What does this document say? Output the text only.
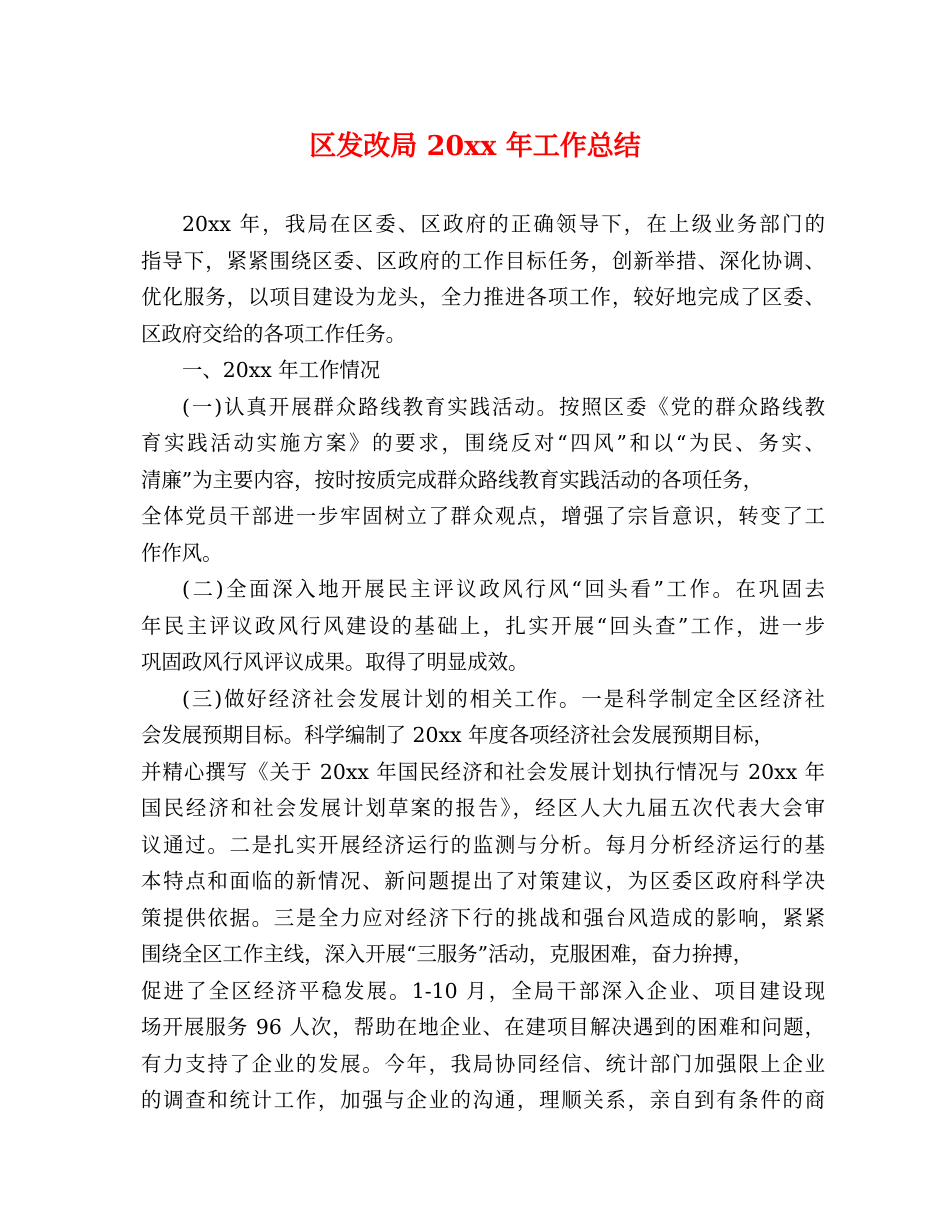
区发改局 20xx 年工作总结
20xx 年，我局在区委、区政府的正确领导下，在上级业务部门的
指导下，紧紧围绕区委、区政府的工作目标任务，创新举措、深化协调、
优化服务，以项目建设为龙头，全力推进各项工作，较好地完成了区委、
区政府交给的各项工作任务。
一、20xx 年工作情况
(一)认真开展群众路线教育实践活动。按照区委《党的群众路线教
育实践活动实施方案》的要求，围绕反对“四风”和以“为民、务实、
清廉”为主要内容，按时按质完成群众路线教育实践活动的各项任务，
全体党员干部进一步牢固树立了群众观点，增强了宗旨意识，转变了工
作作风。
(二)全面深入地开展民主评议政风行风“回头看”工作。在巩固去
年民主评议政风行风建设的基础上，扎实开展“回头查”工作，进一步
巩固政风行风评议成果。取得了明显成效。
(三)做好经济社会发展计划的相关工作。一是科学制定全区经济社
会发展预期目标。科学编制了 20xx 年度各项经济社会发展预期目标，
并精心撰写《关于 20xx 年国民经济和社会发展计划执行情况与 20xx 年
国民经济和社会发展计划草案的报告》，经区人大九届五次代表大会审
议通过。二是扎实开展经济运行的监测与分析。每月分析经济运行的基
本特点和面临的新情况、新问题提出了对策建议，为区委区政府科学决
策提供依据。三是全力应对经济下行的挑战和强台风造成的影响，紧紧
围绕全区工作主线，深入开展“三服务”活动，克服困难，奋力拚搏，
促进了全区经济平稳发展。1-10 月，全局干部深入企业、项目建设现
场开展服务 96 人次，帮助在地企业、在建项目解决遇到的困难和问题，
有力支持了企业的发展。今年，我局协同经信、统计部门加强限上企业
的调查和统计工作，加强与企业的沟通，理顺关系，亲自到有条件的商
